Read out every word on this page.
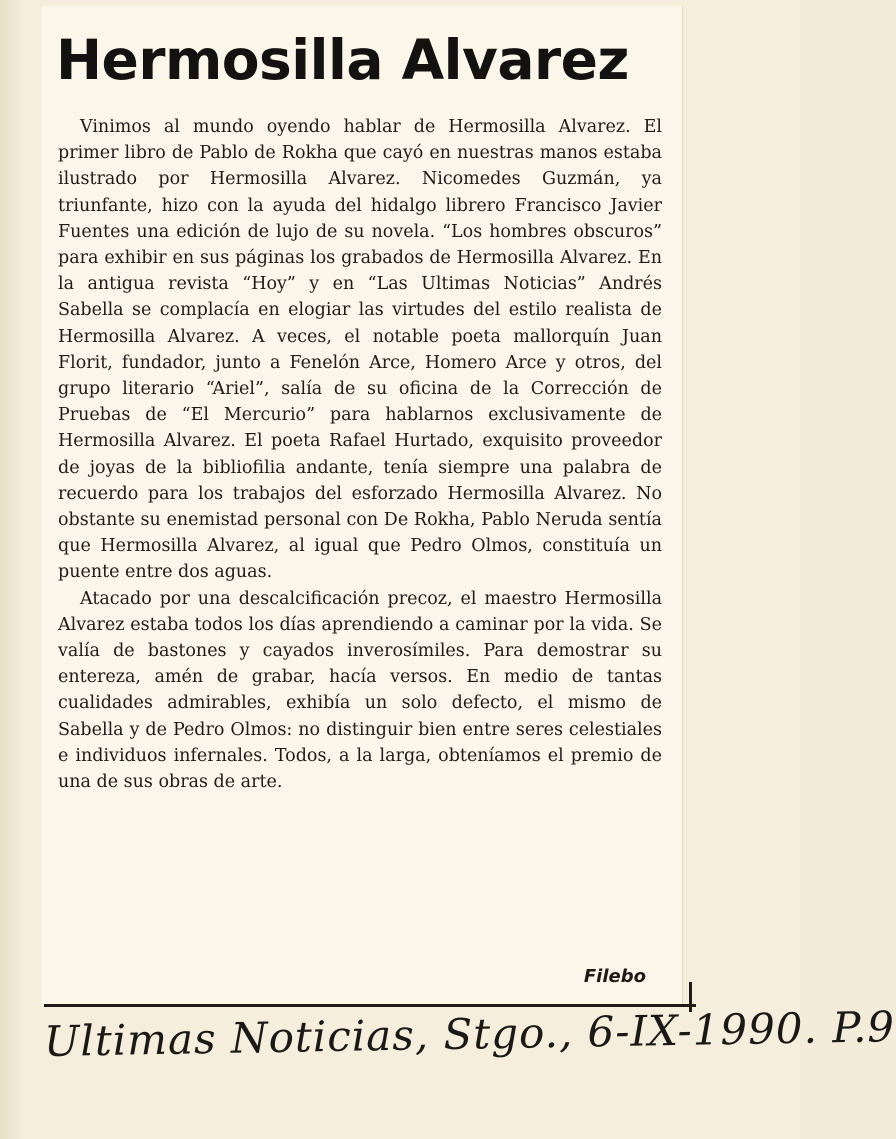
Hermosilla Alvarez

Vinimos al mundo oyendo hablar de Hermosilla Alvarez. El primer libro de Pablo de Rokha que cayó en nuestras manos estaba ilustrado por Hermosilla Alvarez. Nicomedes Guzmán, ya triunfante, hizo con la ayuda del hidalgo librero Francisco Javier Fuentes una edición de lujo de su novela. “Los hombres obscuros” para exhibir en sus páginas los grabados de Hermosilla Alvarez. En la antigua revista “Hoy” y en “Las Ultimas Noticias” Andrés Sabella se complacía en elogiar las virtudes del estilo realista de Hermosilla Alvarez. A veces, el notable poeta mallorquín Juan Florit, fundador, junto a Fenelón Arce, Homero Arce y otros, del grupo literario “Ariel”, salía de su oficina de la Corrección de Pruebas de “El Mercurio” para hablarnos exclusivamente de Hermosilla Alvarez. El poeta Rafael Hurtado, exquisito proveedor de joyas de la bibliofilia andante, tenía siempre una palabra de recuerdo para los trabajos del esforzado Hermosilla Alvarez. No obstante su enemistad personal con De Rokha, Pablo Neruda sentía que Hermosilla Alvarez, al igual que Pedro Olmos, constituía un puente entre dos aguas.

Atacado por una descalcificación precoz, el maestro Hermosilla Alvarez estaba todos los días aprendiendo a caminar por la vida. Se valía de bastones y cayados inverosímiles. Para demostrar su entereza, amén de grabar, hacía versos. En medio de tantas cualidades admirables, exhibía un solo defecto, el mismo de Sabella y de Pedro Olmos: no distinguir bien entre seres celestiales e individuos infernales. Todos, a la larga, obteníamos el premio de una de sus obras de arte.

Filebo

Ultimas Noticias, Stgo., 6-IX-1990. P.9
